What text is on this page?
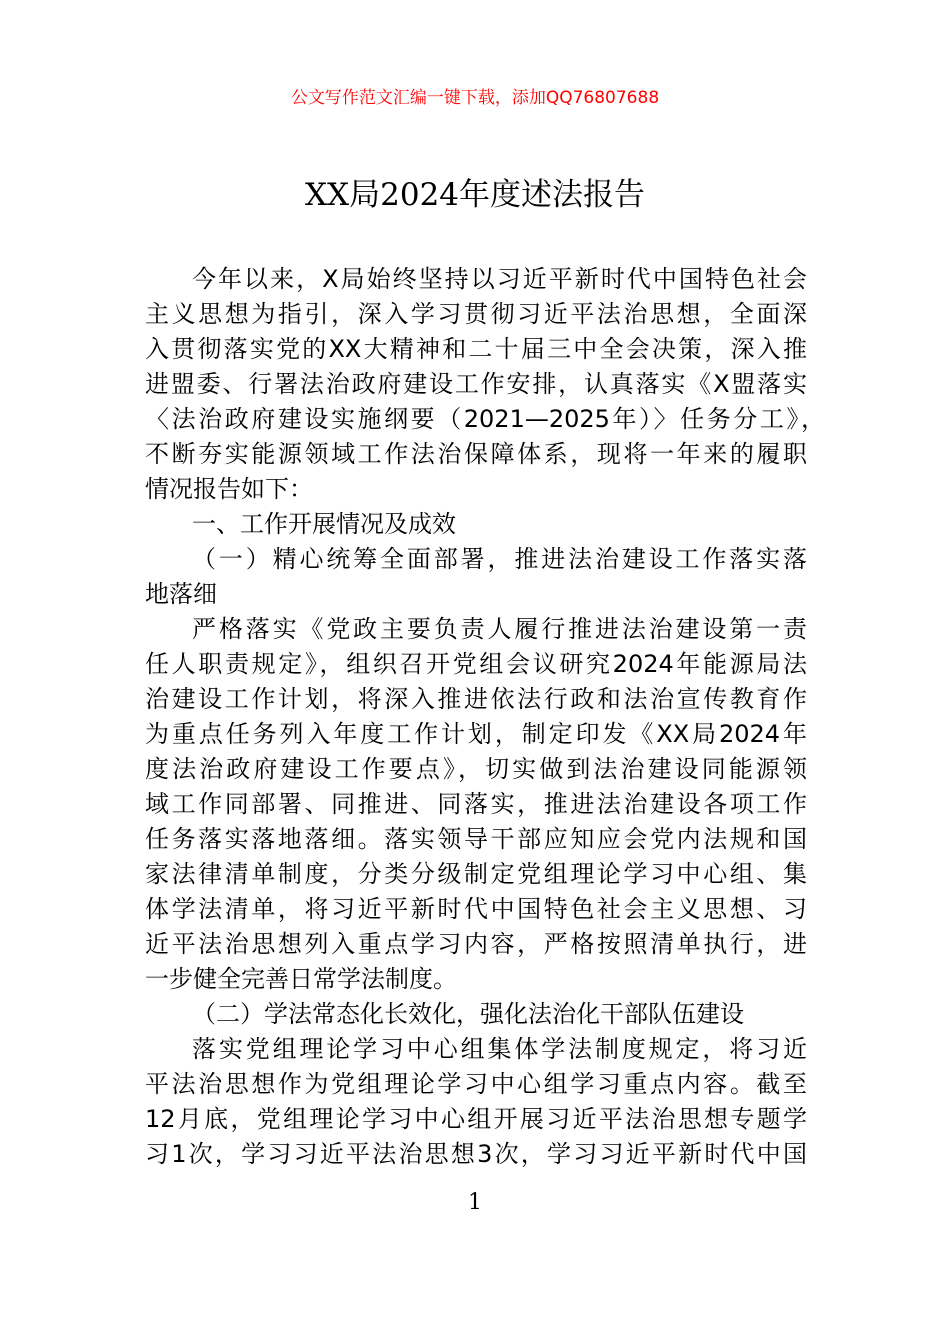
公文写作范文汇编一键下载，添加QQ76807688
XX局2024年度述法报告
今年以来，X局始终坚持以习近平新时代中国特色社会
主义思想为指引，深入学习贯彻习近平法治思想，全面深
入贯彻落实党的XX大精神和二十届三中全会决策，深入推
进盟委、行署法治政府建设工作安排，认真落实《X盟落实
〈法治政府建设实施纲要（2021—2025年）〉任务分工》，
不断夯实能源领域工作法治保障体系，现将一年来的履职
情况报告如下：
一、工作开展情况及成效
（一）精心统筹全面部署，推进法治建设工作落实落
地落细
严格落实《党政主要负责人履行推进法治建设第一责
任人职责规定》，组织召开党组会议研究2024年能源局法
治建设工作计划，将深入推进依法行政和法治宣传教育作
为重点任务列入年度工作计划，制定印发《XX局2024年
度法治政府建设工作要点》，切实做到法治建设同能源领
域工作同部署、同推进、同落实，推进法治建设各项工作
任务落实落地落细。落实领导干部应知应会党内法规和国
家法律清单制度，分类分级制定党组理论学习中心组、集
体学法清单，将习近平新时代中国特色社会主义思想、习
近平法治思想列入重点学习内容，严格按照清单执行，进
一步健全完善日常学法制度。
（二）学法常态化长效化，强化法治化干部队伍建设
落实党组理论学习中心组集体学法制度规定，将习近
平法治思想作为党组理论学习中心组学习重点内容。截至
12月底，党组理论学习中心组开展习近平法治思想专题学
习1次，学习习近平法治思想3次，学习习近平新时代中国
1
